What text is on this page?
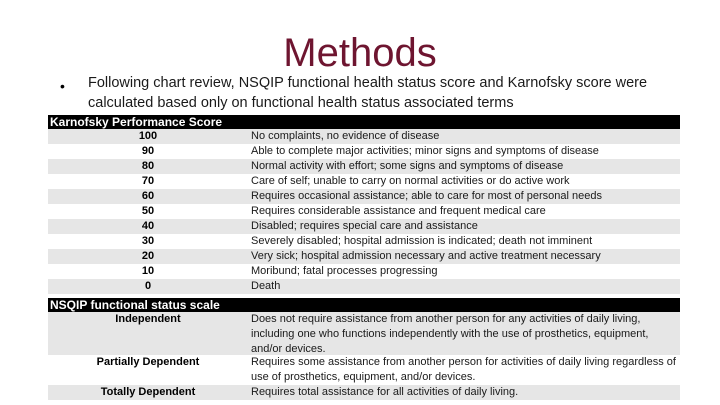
Methods
• Following chart review, NSQIP functional health status score and Karnofsky score were calculated based only on functional health status associated terms
Karnofsky Performance Score
100	No complaints, no evidence of disease
90	Able to complete major activities; minor signs and symptoms of disease
80	Normal activity with effort; some signs and symptoms of disease
70	Care of self; unable to carry on normal activities or do active work
60	Requires occasional assistance; able to care for most of personal needs
50	Requires considerable assistance and frequent medical care
40	Disabled; requires special care and assistance
30	Severely disabled; hospital admission is indicated; death not imminent
20	Very sick; hospital admission necessary and active treatment necessary
10	Moribund; fatal processes progressing
0	Death
NSQIP functional status scale
Independent	Does not require assistance from another person for any activities of daily living, including one who functions independently with the use of prosthetics, equipment, and/or devices.
Partially Dependent	Requires some assistance from another person for activities of daily living regardless of use of prosthetics, equipment, and/or devices.
Totally Dependent	Requires total assistance for all activities of daily living.
